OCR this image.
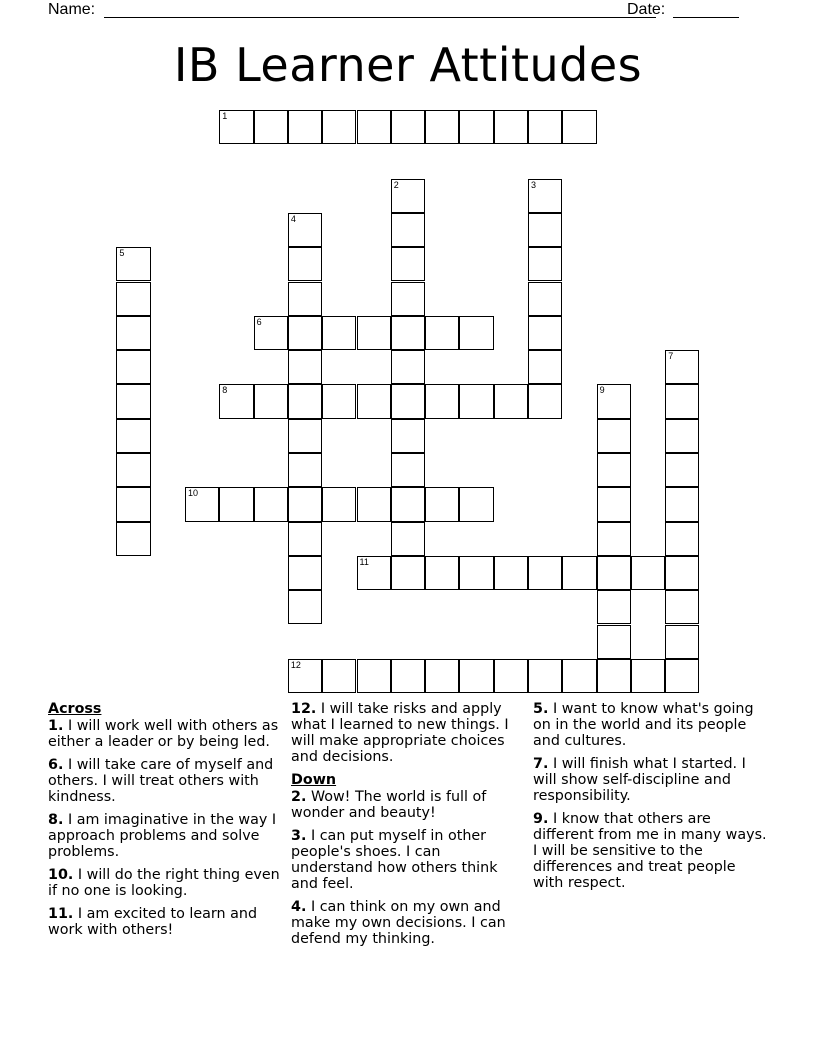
Name:	Date:
IB Learner Attitudes
1
2	3
4
5
6
7
8	9
10
11
12
Across
1. I will work well with others as either a leader or by being led.
6. I will take care of myself and others. I will treat others with kindness.
8. I am imaginative in the way I approach problems and solve problems.
10. I will do the right thing even if no one is looking.
11. I am excited to learn and work with others!
12. I will take risks and apply what I learned to new things. I will make appropriate choices and decisions.
Down
2. Wow! The world is full of wonder and beauty!
3. I can put myself in other people's shoes. I can understand how others think and feel.
4. I can think on my own and make my own decisions. I can defend my thinking.
5. I want to know what's going on in the world and its people and cultures.
7. I will finish what I started. I will show self-discipline and responsibility.
9. I know that others are different from me in many ways. I will be sensitive to the differences and treat people with respect.
